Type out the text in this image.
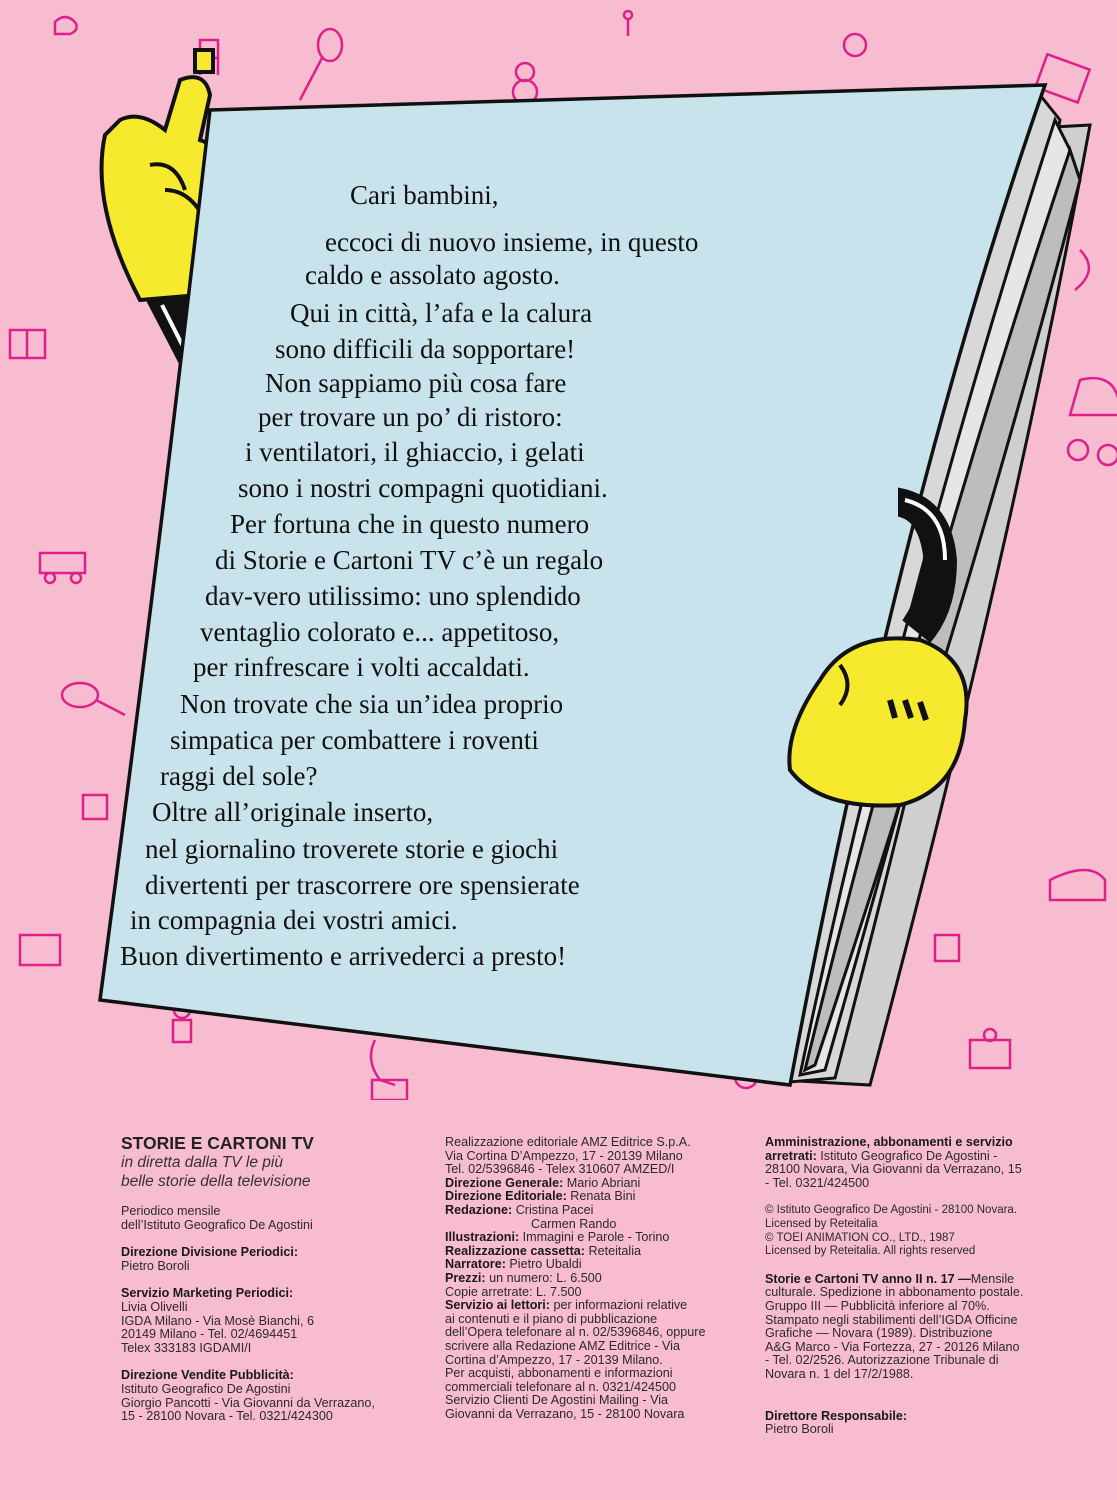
Cari bambini,
eccoci di nuovo insieme, in questo
caldo e assolato agosto.
Qui in città, l’afa e la calura
sono difficili da sopportare!
Non sappiamo più cosa fare
per trovare un po’ di ristoro:
i ventilatori, il ghiaccio, i gelati
sono i nostri compagni quotidiani.
Per fortuna che in questo numero
di Storie e Cartoni TV c’è un regalo
dav-vero utilissimo: uno splendido
ventaglio colorato e... appetitoso,
per rinfrescare i volti accaldati.
Non trovate che sia un’idea proprio
simpatica per combattere i roventi
raggi del sole?
Oltre all’originale inserto,
nel giornalino troverete storie e giochi
divertenti per trascorrere ore spensierate
in compagnia dei vostri amici.
Buon divertimento e arrivederci a presto!
STORIE E CARTONI TV
in diretta dalla TV le più
belle storie della televisione
Periodico mensile
dell’Istituto Geografico De Agostini
Direzione Divisione Periodici:
Pietro Boroli
Servizio Marketing Periodici:
Livia Olivelli
IGDA Milano - Via Mosè Bianchi, 6
20149 Milano - Tel. 02/4694451
Telex 333183 IGDAMI/I
Direzione Vendite Pubblicità:
Istituto Geografico De Agostini
Giorgio Pancotti - Via Giovanni da Verrazano,
15 - 28100 Novara - Tel. 0321/424300
Realizzazione editoriale AMZ Editrice S.p.A.
Via Cortina D’Ampezzo, 17 - 20139 Milano
Tel. 02/5396846 - Telex 310607 AMZED/I
Direzione Generale: Mario Abriani
Direzione Editoriale: Renata Bini
Redazione: Cristina Pacei
Carmen Rando
Illustrazioni: Immagini e Parole - Torino
Realizzazione cassetta: Reteitalia
Narratore: Pietro Ubaldi
Prezzi: un numero: L. 6.500
Copie arretrate: L. 7.500
Servizio ai lettori: per informazioni relative
ai contenuti e il piano di pubblicazione
dell’Opera telefonare al n. 02/5396846, oppure
scrivere alla Redazione AMZ Editrice - Via
Cortina d’Ampezzo, 17 - 20139 Milano.
Per acquisti, abbonamenti e informazioni
commerciali telefonare al n. 0321/424500
Servizio Clienti De Agostini Mailing - Via
Giovanni da Verrazano, 15 - 28100 Novara
Amministrazione, abbonamenti e servizio
arretrati: Istituto Geografico De Agostini -
28100 Novara, Via Giovanni da Verrazano, 15
- Tel. 0321/424500
© Istituto Geografico De Agostini - 28100 Novara.
Licensed by Reteitalia
© TOEI ANIMATION CO., LTD., 1987
Licensed by Reteitalia. All rights reserved
Storie e Cartoni TV anno II n. 17 —Mensile
culturale. Spedizione in abbonamento postale.
Gruppo III — Pubblicità inferiore al 70%.
Stampato negli stabilimenti dell’IGDA Officine
Grafiche — Novara (1989). Distribuzione
A&G Marco - Via Fortezza, 27 - 20126 Milano
- Tel. 02/2526. Autorizzazione Tribunale di
Novara n. 1 del 17/2/1988.
Direttore Responsabile:
Pietro Boroli
